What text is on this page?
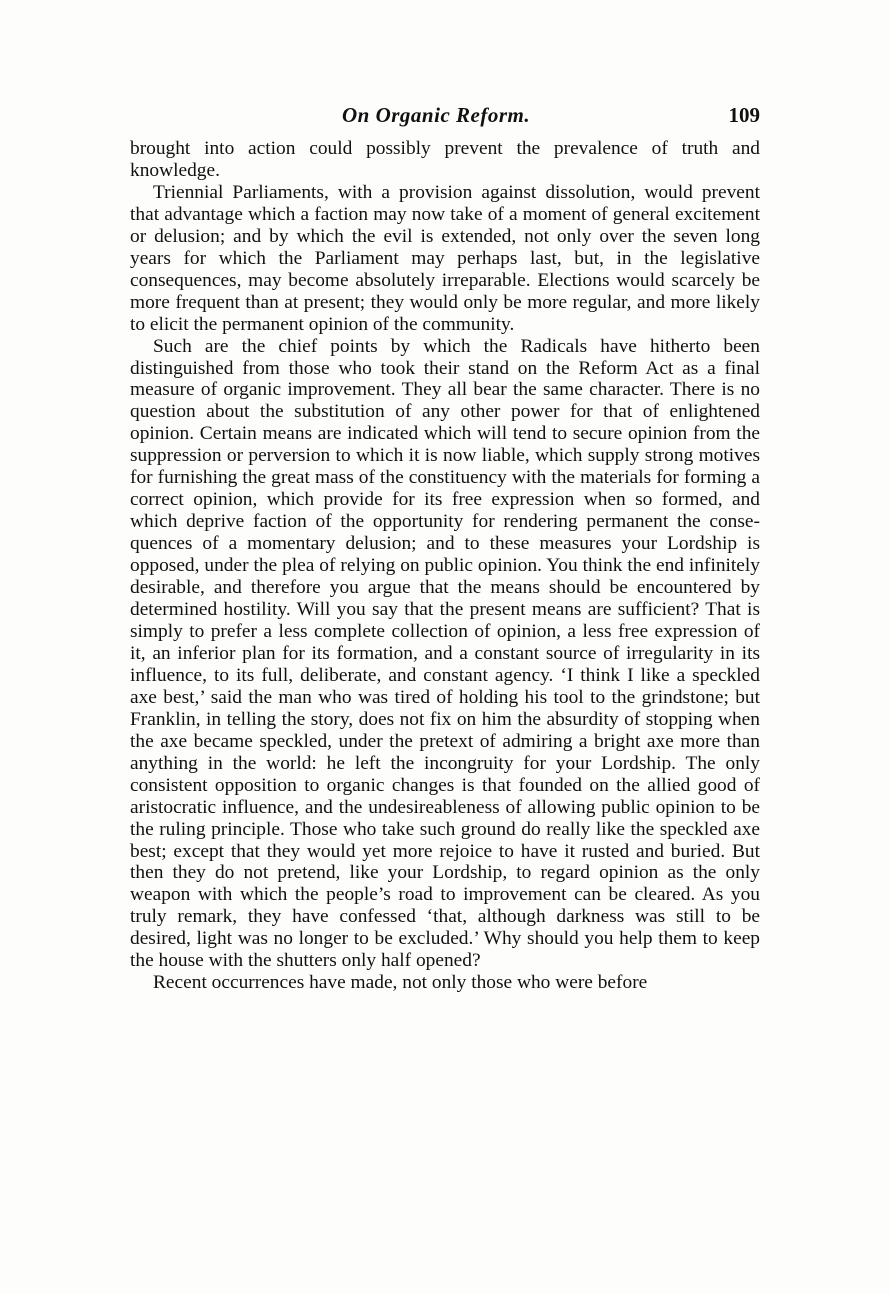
On Organic Reform.	109

brought into action could possibly prevent the prevalence of truth and knowledge.

Triennial Parliaments, with a provision against dissolution, would prevent that advantage which a faction may now take of a moment of general excitement or delusion; and by which the evil is extended, not only over the seven long years for which the Parliament may perhaps last, but, in the legislative consequences, may become absolutely irreparable. Elections would scarcely be more frequent than at present; they would only be more regular, and more likely to elicit the permanent opinion of the community.

Such are the chief points by which the Radicals have hitherto been distinguished from those who took their stand on the Reform Act as a final measure of organic improvement. They all bear the same character. There is no question about the substitution of any other power for that of enlightened opinion. Certain means are indicated which will tend to secure opinion from the suppression or perversion to which it is now liable, which supply strong motives for furnishing the great mass of the constituency with the materials for forming a correct opinion, which provide for its free expression when so formed, and which deprive faction of the opportunity for rendering permanent the consequences of a momentary delusion; and to these measures your Lordship is opposed, under the plea of relying on public opinion. You think the end infinitely desirable, and therefore you argue that the means should be encountered by determined hostility. Will you say that the present means are sufficient? That is simply to prefer a less complete collection of opinion, a less free expression of it, an inferior plan for its formation, and a constant source of irregularity in its influence, to its full, deliberate, and constant agency. ‘I think I like a speckled axe best,’ said the man who was tired of holding his tool to the grindstone; but Franklin, in telling the story, does not fix on him the absurdity of stopping when the axe became speckled, under the pretext of admiring a bright axe more than anything in the world: he left the incongruity for your Lordship. The only consistent opposition to organic changes is that founded on the allied good of aristocratic influence, and the undesireableness of allowing public opinion to be the ruling principle. Those who take such ground do really like the speckled axe best; except that they would yet more rejoice to have it rusted and buried. But then they do not pretend, like your Lordship, to regard opinion as the only weapon with which the people’s road to improvement can be cleared. As you truly remark, they have confessed ‘that, although darkness was still to be desired, light was no longer to be excluded.’ Why should you help them to keep the house with the shutters only half opened?

Recent occurrences have made, not only those who were before
